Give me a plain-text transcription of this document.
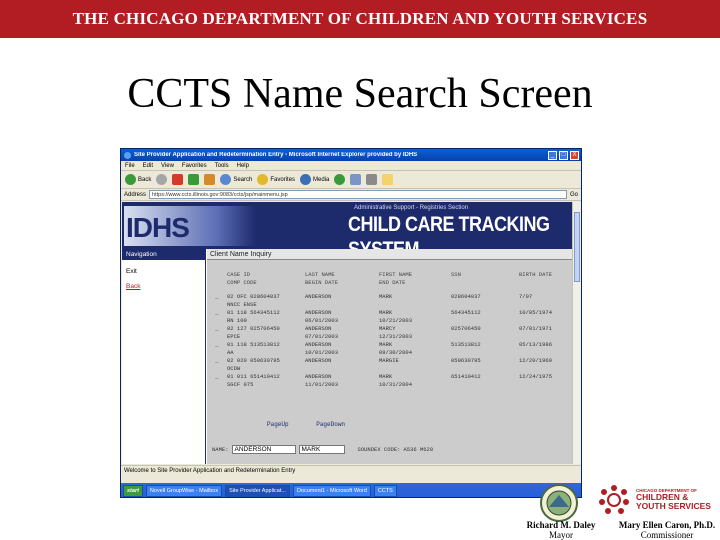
THE CHICAGO DEPARTMENT OF CHILDREN AND YOUTH SERVICES
CCTS Name Search Screen
Site Provider Application and Redetermination Entry - Microsoft Internet Explorer provided by IDHS	_	□	X
File Edit View Favorites Tools Help
Back	Search	Favorites	Media
Address	https://www.ccts.illinois.gov:9083/ccts/jsp/mainmenu.jsp	Go
IDHS
Administrative Support - Registries Section
CHILD CARE TRACKING
Navigation
Exit
Back
Client Name Inquiry
CASE ID	LAST NAME	FIRST NAME	SSN	BIRTH DATE
COMP CODE	BEGIN DATE	END DATE
_ 02 OFC 028604037	ANDERSON	MARK	028604037	7/07
NNCC ENSE
_ 01 118 564345112	ANDERSON	MARK	564345112	10/05/1974
RN 100	06/01/2003	10/21/2003
_ 02 127 025706450	ANDERSON	MARCY	025706450	07/01/1971
EPCE	07/01/2003	12/31/2003
_ 01 118 513513812	ANDERSON	MARK	513513812	05/13/1986
AA	10/01/2003	09/30/2004
_ 02 020 050630795	ANDERSON	MARGIE	050630795	12/20/1969
OCDW
_ 01 011 651410412	ANDERSON	MARK	651410412	12/24/1975
SGCF 075	11/01/2003	10/31/2004
PageUp	PageDown
NAME: ANDERSON	MARK	SOUNDEX CODE: A536 M620
Welcome to Site Provider Application and Redetermination Entry
start	Novell GroupWise - Mailbox	Site Provider Applicat...	Document1 - Microsoft Word	CCTS	CHICAGO DEPARTMENT OF
CHILDREN &
YOUTH SERVICES
Richard M. Daley
Mayor
Mary Ellen Caron, Ph.D.
Commissioner
